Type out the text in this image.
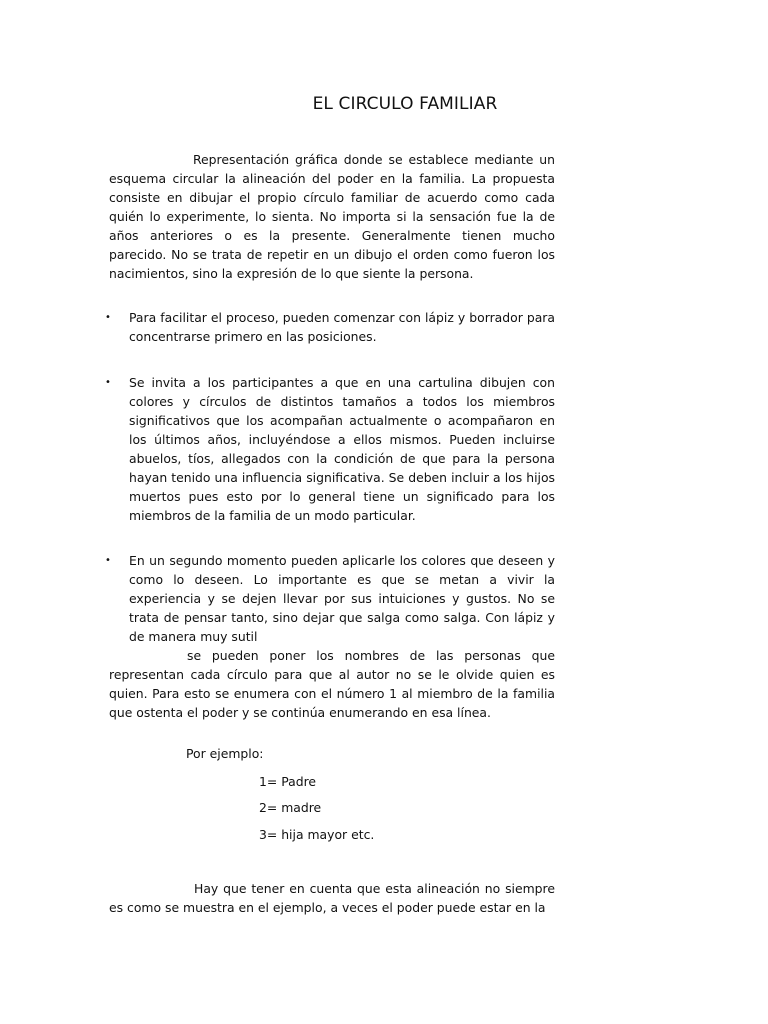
EL CIRCULO FAMILIAR

Representación gráfica donde se establece mediante un esquema circular la alineación del poder en la familia. La propuesta consiste en dibujar el propio círculo familiar de acuerdo como cada quién lo experimente, lo sienta. No importa si la sensación fue la de años anteriores o es la presente. Generalmente tienen mucho parecido. No se trata de repetir en un dibujo el orden como fueron los nacimientos, sino la expresión de lo que siente la persona.

• Para facilitar el proceso, pueden comenzar con lápiz y borrador para concentrarse primero en las posiciones.

• Se invita a los participantes a que en una cartulina dibujen con colores y círculos de distintos tamaños a todos los miembros significativos que los acompañan actualmente o acompañaron en los últimos años, incluyéndose a ellos mismos. Pueden incluirse abuelos, tíos, allegados con la condición de que para la persona hayan tenido una influencia significativa. Se deben incluir a los hijos muertos pues esto por lo general tiene un significado para los miembros de la familia de un modo particular.

• En un segundo momento pueden aplicarle los colores que deseen y como lo deseen. Lo importante es que se metan a vivir la experiencia y se dejen llevar por sus intuiciones y gustos. No se trata de pensar tanto, sino dejar que salga como salga. Con lápiz y de manera muy sutil

se pueden poner los nombres de las personas que representan cada círculo para que al autor no se le olvide quien es quien. Para esto se enumera con el número 1 al miembro de la familia que ostenta el poder y se continúa enumerando en esa línea.

Por ejemplo:
1= Padre
2= madre
3= hija mayor etc.

Hay que tener en cuenta que esta alineación no siempre es como se muestra en el ejemplo, a veces el poder puede estar en la
